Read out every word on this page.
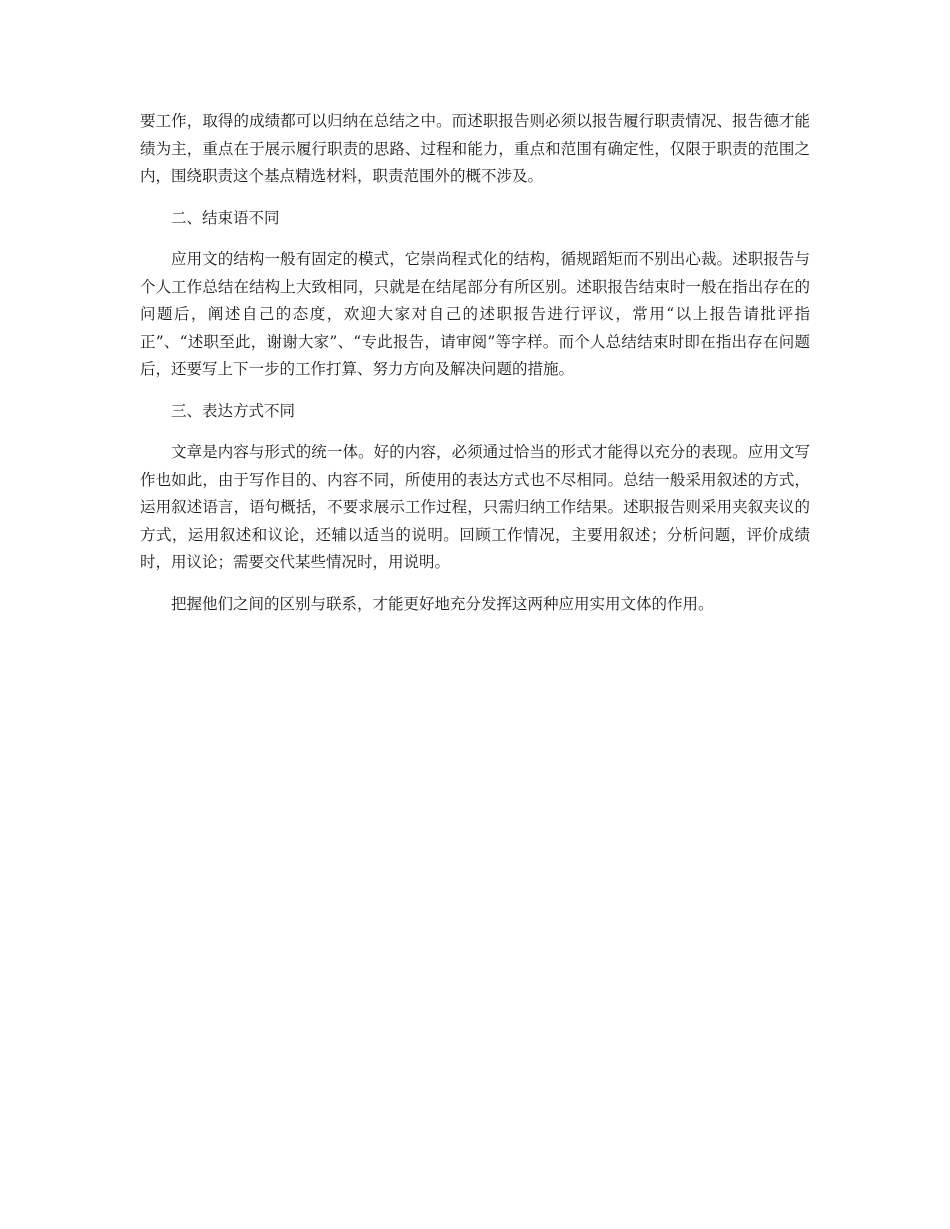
要工作，取得的成绩都可以归纳在总结之中。而述职报告则必须以报告履行职责情况、报告德才能绩为主，重点在于展示履行职责的思路、过程和能力，重点和范围有确定性，仅限于职责的范围之内，围绕职责这个基点精选材料，职责范围外的概不涉及。

二、结束语不同

应用文的结构一般有固定的模式，它崇尚程式化的结构，循规蹈矩而不别出心裁。述职报告与个人工作总结在结构上大致相同，只就是在结尾部分有所区别。述职报告结束时一般在指出存在的问题后，阐述自己的态度，欢迎大家对自己的述职报告进行评议，常用“以上报告请批评指正”、“述职至此，谢谢大家”、“专此报告，请审阅”等字样。而个人总结结束时即在指出存在问题后，还要写上下一步的工作打算、努力方向及解决问题的措施。

三、表达方式不同

文章是内容与形式的统一体。好的内容，必须通过恰当的形式才能得以充分的表现。应用文写作也如此，由于写作目的、内容不同，所使用的表达方式也不尽相同。总结一般采用叙述的方式，运用叙述语言，语句概括，不要求展示工作过程，只需归纳工作结果。述职报告则采用夹叙夹议的方式，运用叙述和议论，还辅以适当的说明。回顾工作情况，主要用叙述；分析问题，评价成绩时，用议论；需要交代某些情况时，用说明。

把握他们之间的区别与联系，才能更好地充分发挥这两种应用实用文体的作用。
